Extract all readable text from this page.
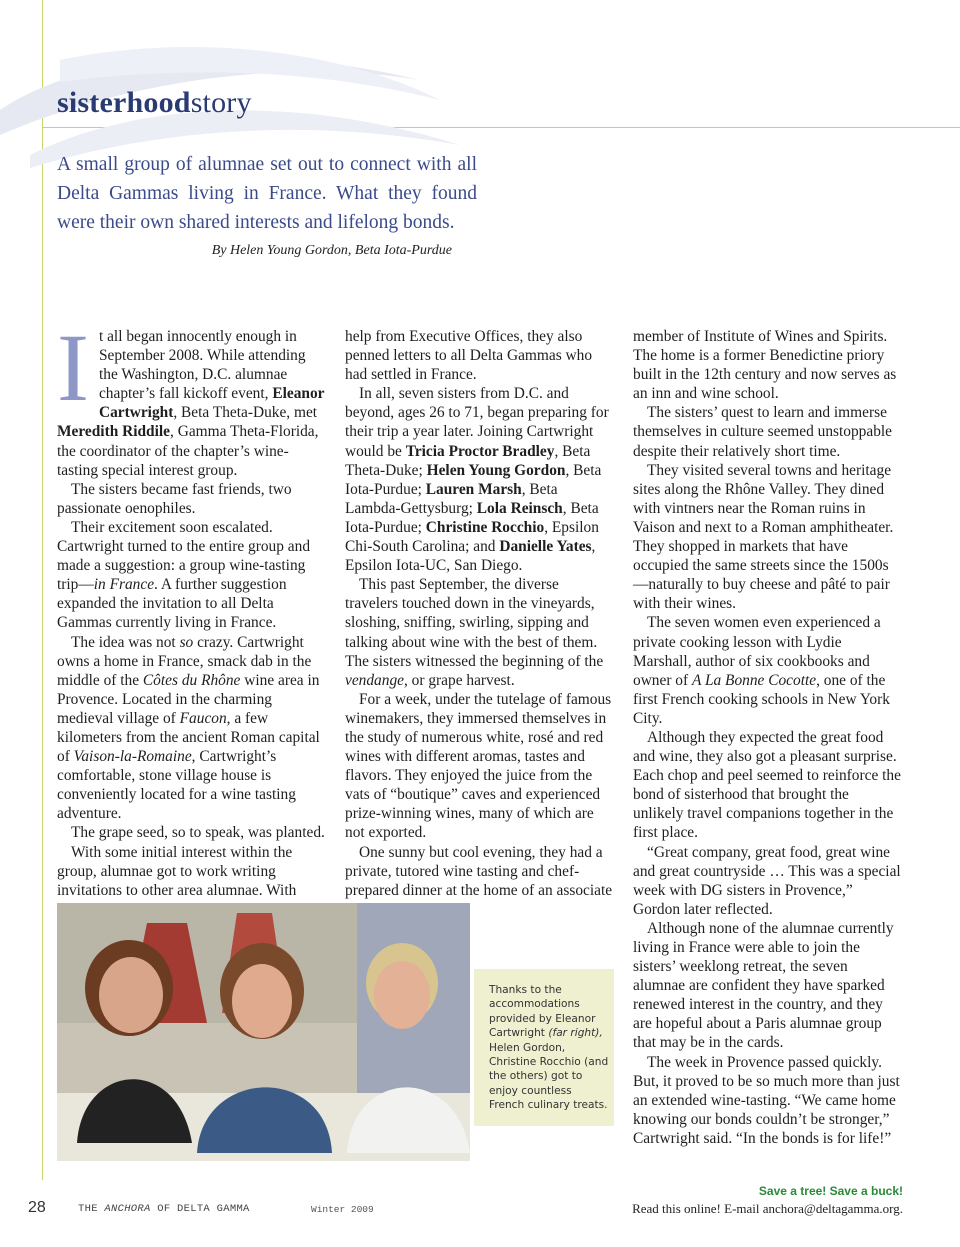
sisterhoodstory

A small group of alumnae set out to connect with all Delta Gammas living in France. What they found were their own shared interests and lifelong bonds.

By Helen Young Gordon, Beta Iota-Purdue
I t all began innocently enough in September 2008. While attending the Washington, D.C. alumnae chapter’s fall kickoff event, Eleanor Cartwright, Beta Theta-Duke, met Meredith Riddile, Gamma Theta-Florida, the coordinator of the chapter’s wine-tasting special interest group.

The sisters became fast friends, two passionate oenophiles.

Their excitement soon escalated. Cartwright turned to the entire group and made a suggestion: a group wine-tasting trip—in France. A further suggestion expanded the invitation to all Delta Gammas currently living in France.

The idea was not so crazy. Cartwright owns a home in France, smack dab in the middle of the Côtes du Rhône wine area in Provence. Located in the charming medieval village of Faucon, a few kilometers from the ancient Roman capital of Vaison-la-Romaine, Cartwright’s comfortable, stone village house is conveniently located for a wine tasting adventure.

The grape seed, so to speak, was planted.

With some initial interest within the group, alumnae got to work writing invitations to other area alumnae. With

help from Executive Offices, they also penned letters to all Delta Gammas who had settled in France.

In all, seven sisters from D.C. and beyond, ages 26 to 71, began preparing for their trip a year later. Joining Cartwright would be Tricia Proctor Bradley, Beta Theta-Duke; Helen Young Gordon, Beta Iota-Purdue; Lauren Marsh, Beta Lambda-Gettysburg; Lola Reinsch, Beta Iota-Purdue; Christine Rocchio, Epsilon Chi-South Carolina; and Danielle Yates, Epsilon Iota-UC, San Diego.

This past September, the diverse travelers touched down in the vineyards, sloshing, sniffing, swirling, sipping and talking about wine with the best of them. The sisters witnessed the beginning of the vendange, or grape harvest.

For a week, under the tutelage of famous winemakers, they immersed themselves in the study of numerous white, rosé and red wines with different aromas, tastes and flavors. They enjoyed the juice from the vats of “boutique” caves and experienced prize-winning wines, many of which are not exported.

One sunny but cool evening, they had a private, tutored wine tasting and chef-prepared dinner at the home of an associate

member of Institute of Wines and Spirits. The home is a former Benedictine priory built in the 12th century and now serves as an inn and wine school.

The sisters’ quest to learn and immerse themselves in culture seemed unstoppable despite their relatively short time.

They visited several towns and heritage sites along the Rhône Valley. They dined with vintners near the Roman ruins in Vaison and next to a Roman amphitheater. They shopped in markets that have occupied the same streets since the 1500s—naturally to buy cheese and pâté to pair with their wines.

The seven women even experienced a private cooking lesson with Lydie Marshall, author of six cookbooks and owner of A La Bonne Cocotte, one of the first French cooking schools in New York City.

Although they expected the great food and wine, they also got a pleasant surprise. Each chop and peel seemed to reinforce the bond of sisterhood that brought the unlikely travel companions together in the first place.

“Great company, great food, great wine and great countryside … This was a special week with DG sisters in Provence,” Gordon later reflected.

Although none of the alumnae currently living in France were able to join the sisters’ weeklong retreat, the seven alumnae are confident they have sparked renewed interest in the country, and they are hopeful about a Paris alumnae group that may be in the cards.

The week in Provence passed quickly. But, it proved to be so much more than just an extended wine-tasting. “We came home knowing our bonds couldn’t be stronger,” Cartwright said. “In the bonds is for life!”

Thanks to the accommodations provided by Eleanor Cartwright (far right), Helen Gordon, Christine Rocchio (and the others) got to enjoy countless French culinary treats.
28	THE ANCHORA OF DELTA GAMMA	Winter 2009
Save a tree! Save a buck!
Read this online! E-mail anchora@deltagamma.org.
